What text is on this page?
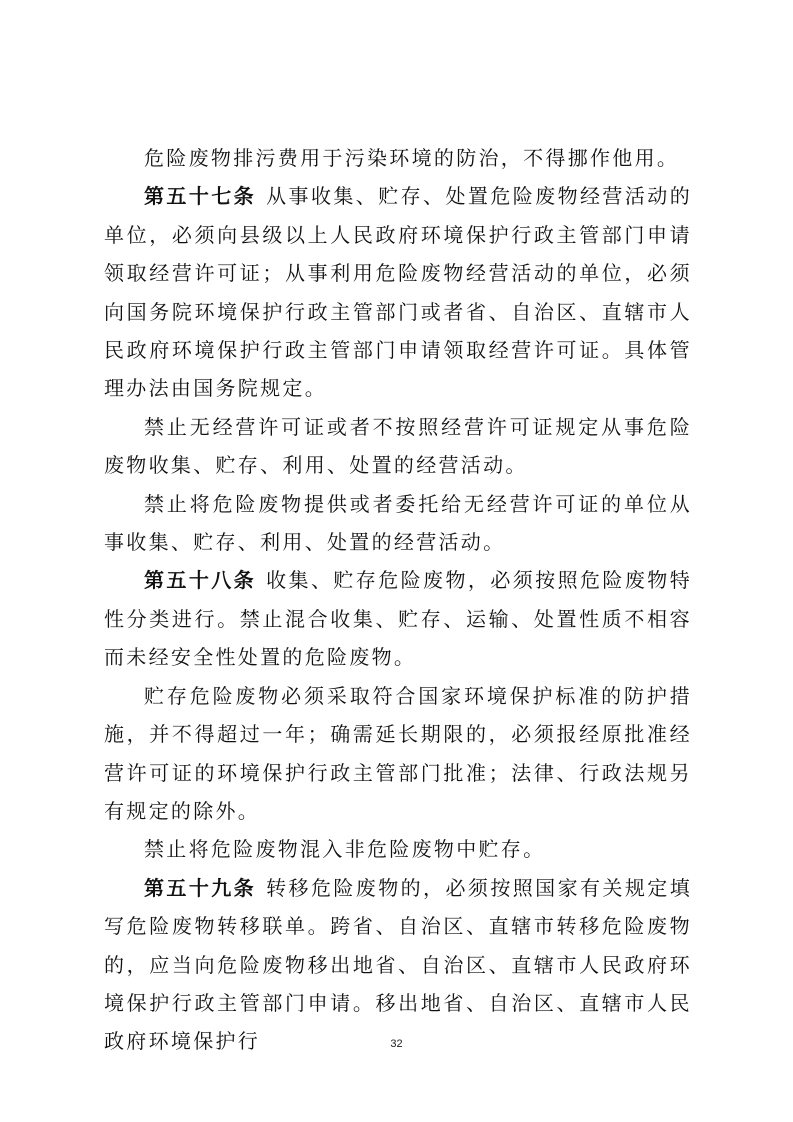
危险废物排污费用于污染环境的防治，不得挪作他用。

第五十七条 从事收集、贮存、处置危险废物经营活动的单位，必须向县级以上人民政府环境保护行政主管部门申请领取经营许可证；从事利用危险废物经营活动的单位，必须向国务院环境保护行政主管部门或者省、自治区、直辖市人民政府环境保护行政主管部门申请领取经营许可证。具体管理办法由国务院规定。

禁止无经营许可证或者不按照经营许可证规定从事危险废物收集、贮存、利用、处置的经营活动。

禁止将危险废物提供或者委托给无经营许可证的单位从事收集、贮存、利用、处置的经营活动。

第五十八条 收集、贮存危险废物，必须按照危险废物特性分类进行。禁止混合收集、贮存、运输、处置性质不相容而未经安全性处置的危险废物。

贮存危险废物必须采取符合国家环境保护标准的防护措施，并不得超过一年；确需延长期限的，必须报经原批准经营许可证的环境保护行政主管部门批准；法律、行政法规另有规定的除外。

禁止将危险废物混入非危险废物中贮存。

第五十九条 转移危险废物的，必须按照国家有关规定填写危险废物转移联单。跨省、自治区、直辖市转移危险废物的，应当向危险废物移出地省、自治区、直辖市人民政府环境保护行政主管部门申请。移出地省、自治区、直辖市人民政府环境保护行	32
